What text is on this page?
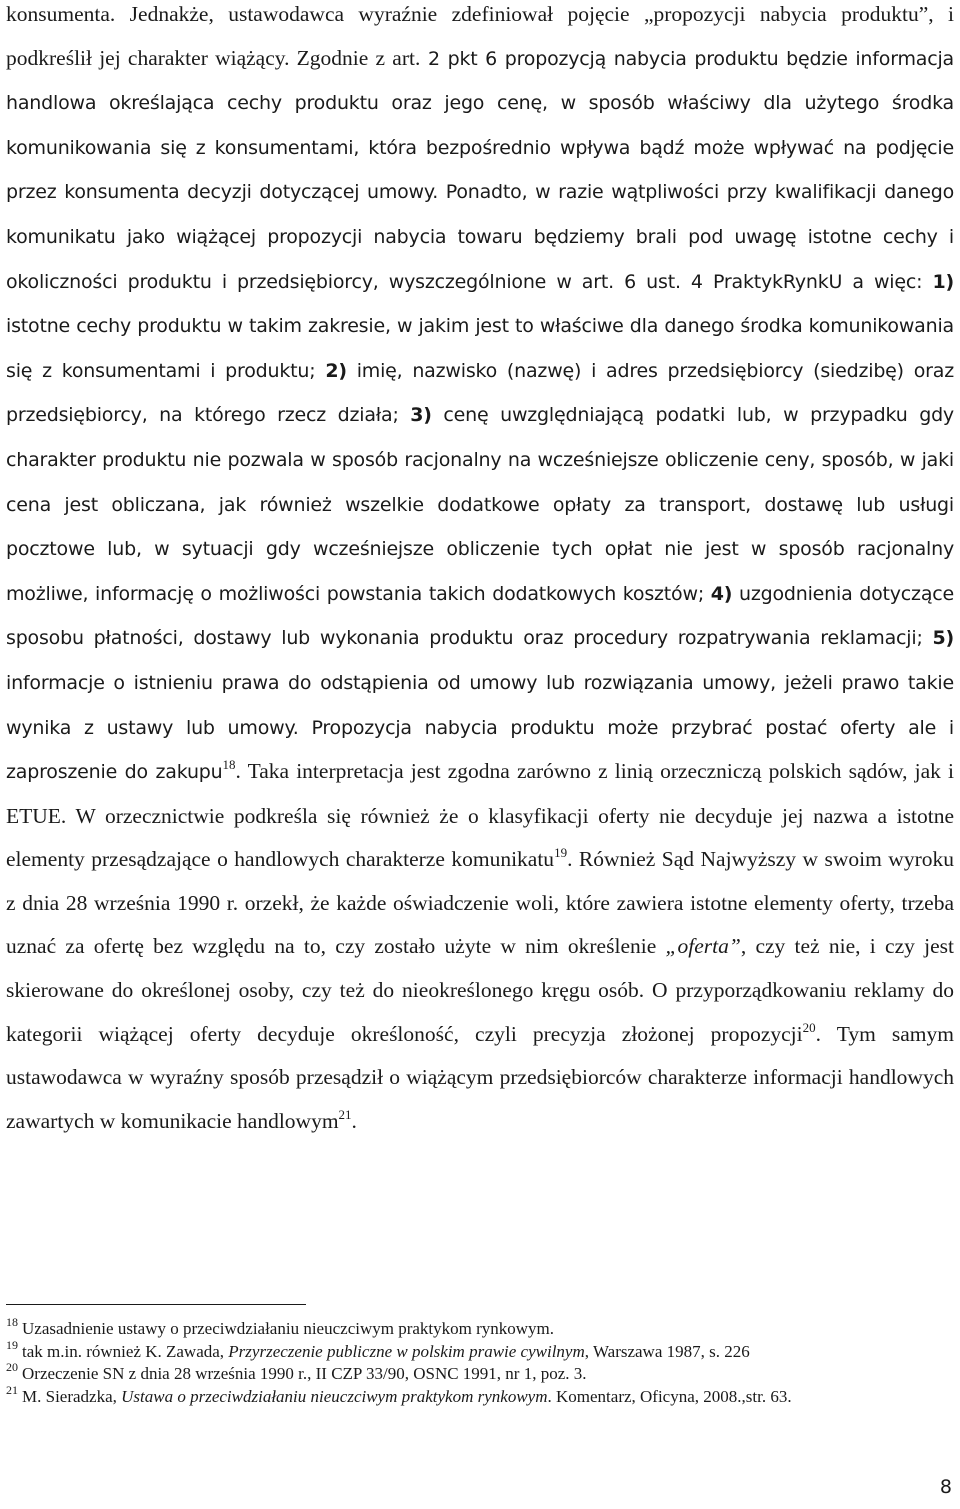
konsumenta. Jednakże, ustawodawca wyraźnie zdefiniował pojęcie „propozycji nabycia produktu”, i podkreślił jej charakter wiążący. Zgodnie z art. 2 pkt 6 propozycją nabycia produktu będzie informacja handlowa określająca cechy produktu oraz jego cenę, w sposób właściwy dla użytego środka komunikowania się z konsumentami, która bezpośrednio wpływa bądź może wpływać na podjęcie przez konsumenta decyzji dotyczącej umowy. Ponadto, w razie wątpliwości przy kwalifikacji danego komunikatu jako wiążącej propozycji nabycia towaru będziemy brali pod uwagę istotne cechy i okoliczności produktu i przedsiębiorcy, wyszczególnione w art. 6 ust. 4 PraktykRynkU a więc: 1) istotne cechy produktu w takim zakresie, w jakim jest to właściwe dla danego środka komunikowania się z konsumentami i produktu; 2) imię, nazwisko (nazwę) i adres przedsiębiorcy (siedzibę) oraz przedsiębiorcy, na którego rzecz działa; 3) cenę uwzględniającą podatki lub, w przypadku gdy charakter produktu nie pozwala w sposób racjonalny na wcześniejsze obliczenie ceny, sposób, w jaki cena jest obliczana, jak również wszelkie dodatkowe opłaty za transport, dostawę lub usługi pocztowe lub, w sytuacji gdy wcześniejsze obliczenie tych opłat nie jest w sposób racjonalny możliwe, informację o możliwości powstania takich dodatkowych kosztów; 4) uzgodnienia dotyczące sposobu płatności, dostawy lub wykonania produktu oraz procedury rozpatrywania reklamacji; 5) informacje o istnieniu prawa do odstąpienia od umowy lub rozwiązania umowy, jeżeli prawo takie wynika z ustawy lub umowy. Propozycja nabycia produktu może przybrać postać oferty ale i zaproszenie do zakupu$^{18}$. Taka interpretacja jest zgodna zarówno z linią orzeczniczą polskich sądów, jak i ETUE. W orzecznictwie podkreśla się również że o klasyfikacji oferty nie decyduje jej nazwa a istotne elementy przesądzające o handlowych charakterze komunikatu$^{19}$. Również Sąd Najwyższy w swoim wyroku z dnia 28 września 1990 r. orzekł, że każde oświadczenie woli, które zawiera istotne elementy oferty, trzeba uznać za ofertę bez względu na to, czy zostało użyte w nim określenie „oferta”, czy też nie, i czy jest skierowane do określonej osoby, czy też do nieokreślonego kręgu osób. O przyporządkowaniu reklamy do kategorii wiążącej oferty decyduje określoność, czyli precyzja złożonej propozycji$^{20}$. Tym samym ustawodawca w wyraźny sposób przesądził o wiążącym przedsiębiorców charakterze informacji handlowych zawartych w komunikacie handlowym$^{21}$.

$^{18}$ Uzasadnienie ustawy o przeciwdziałaniu nieuczciwym praktykom rynkowym.

$^{19}$ tak m.in. również K. Zawada, Przyrzeczenie publiczne w polskim prawie cywilnym, Warszawa 1987, s. 226

$^{20}$ Orzeczenie SN z dnia 28 września 1990 r., II CZP 33/90, OSNC 1991, nr 1, poz. 3.

$^{21}$ M. Sieradzka, Ustawa o przeciwdziałaniu nieuczciwym praktykom rynkowym. Komentarz, Oficyna, 2008.,str. 63.

8
